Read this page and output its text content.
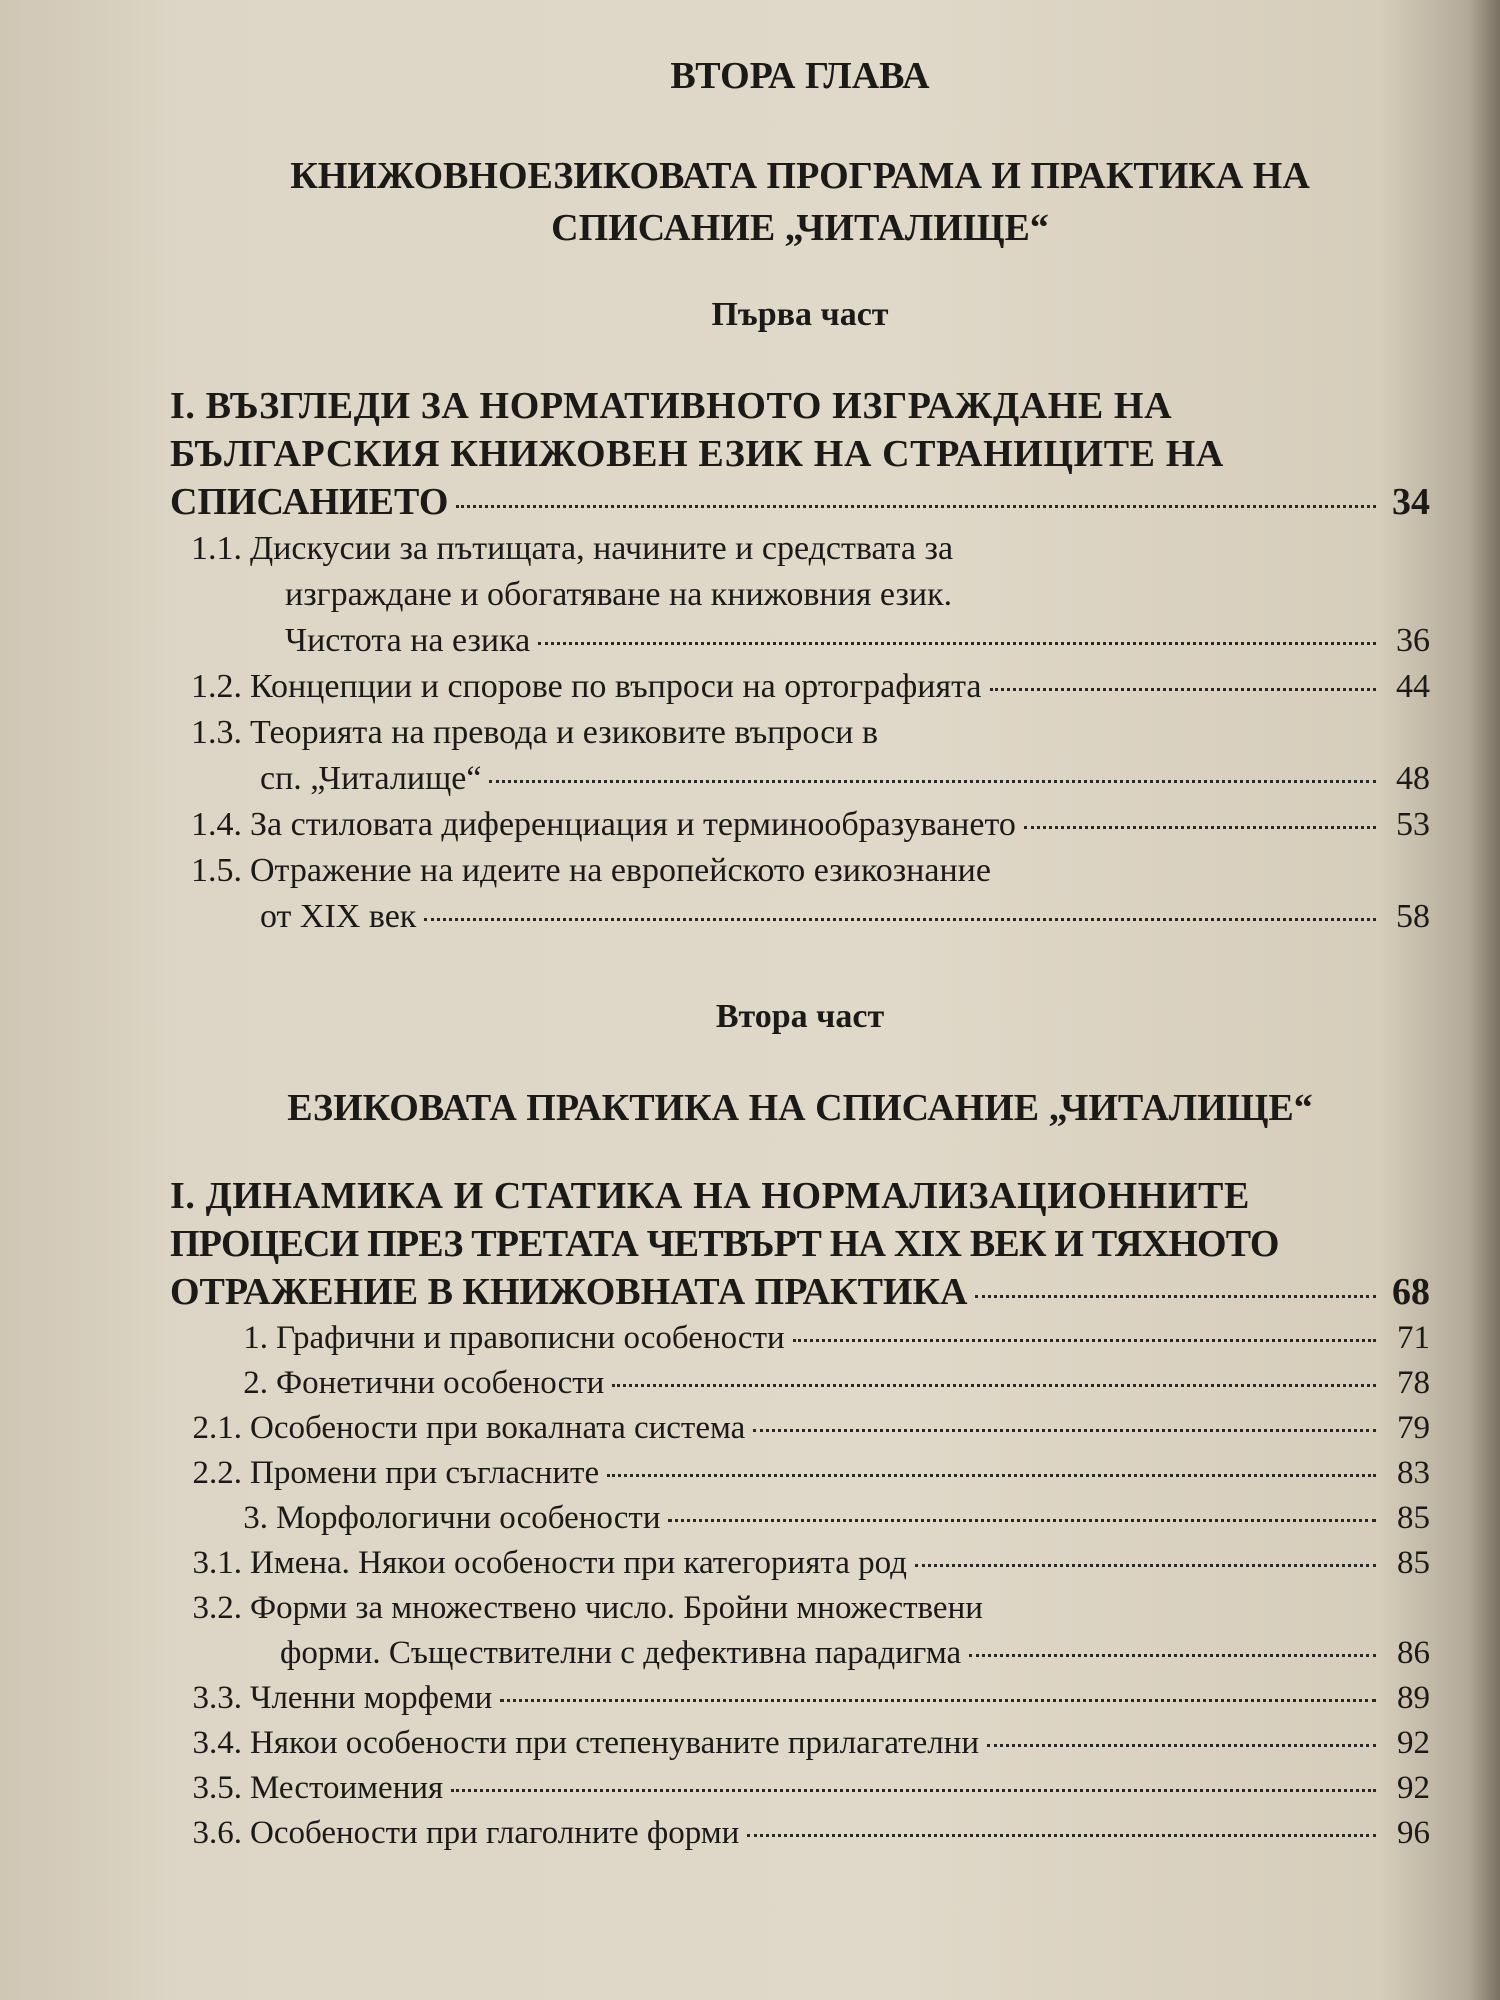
ВТОРА ГЛАВА
КНИЖОВНОЕЗИКОВАТА ПРОГРАМА И ПРАКТИКА НА
СПИСАНИЕ „ЧИТАЛИЩЕ“
Първа част
I. ВЪЗГЛЕДИ ЗА НОРМАТИВНОТО ИЗГРАЖДАНЕ НА
БЪЛГАРСКИЯ КНИЖОВЕН ЕЗИК НА СТРАНИЦИТЕ НА
СПИСАНИЕТО	34
1.1. Дискусии за пътищата, начините и средствата за
изграждане и обогатяване на книжовния език.
Чистота на езика	36
1.2. Концепции и спорове по въпроси на ортографията	44
1.3. Теорията на превода и езиковите въпроси в
сп. „Читалище“	48
1.4. За стиловата диференциация и терминообразуването	53
1.5. Отражение на идеите на европейското езикознание
от XIX век	58
Втора част
ЕЗИКОВАТА ПРАКТИКА НА СПИСАНИЕ „ЧИТАЛИЩЕ“
I. ДИНАМИКА И СТАТИКА НА НОРМАЛИЗАЦИОННИТЕ
ПРОЦЕСИ ПРЕЗ ТРЕТАТА ЧЕТВЪРТ НА XIX ВЕК И ТЯХНОТО
ОТРАЖЕНИЕ В КНИЖОВНАТА ПРАКТИКА	68
1. Графични и правописни особености	71
2. Фонетични особености	78
2.1. Особености при вокалната система	79
2.2. Промени при съгласните	83
3. Морфологични особености	85
3.1. Имена. Някои особености при категорията род	85
3.2. Форми за множествено число. Бройни множествени
форми. Съществителни с дефективна парадигма	86
3.3. Членни морфеми	89
3.4. Някои особености при степенуваните прилагателни	92
3.5. Местоимения	92
3.6. Особености при глаголните форми	96
